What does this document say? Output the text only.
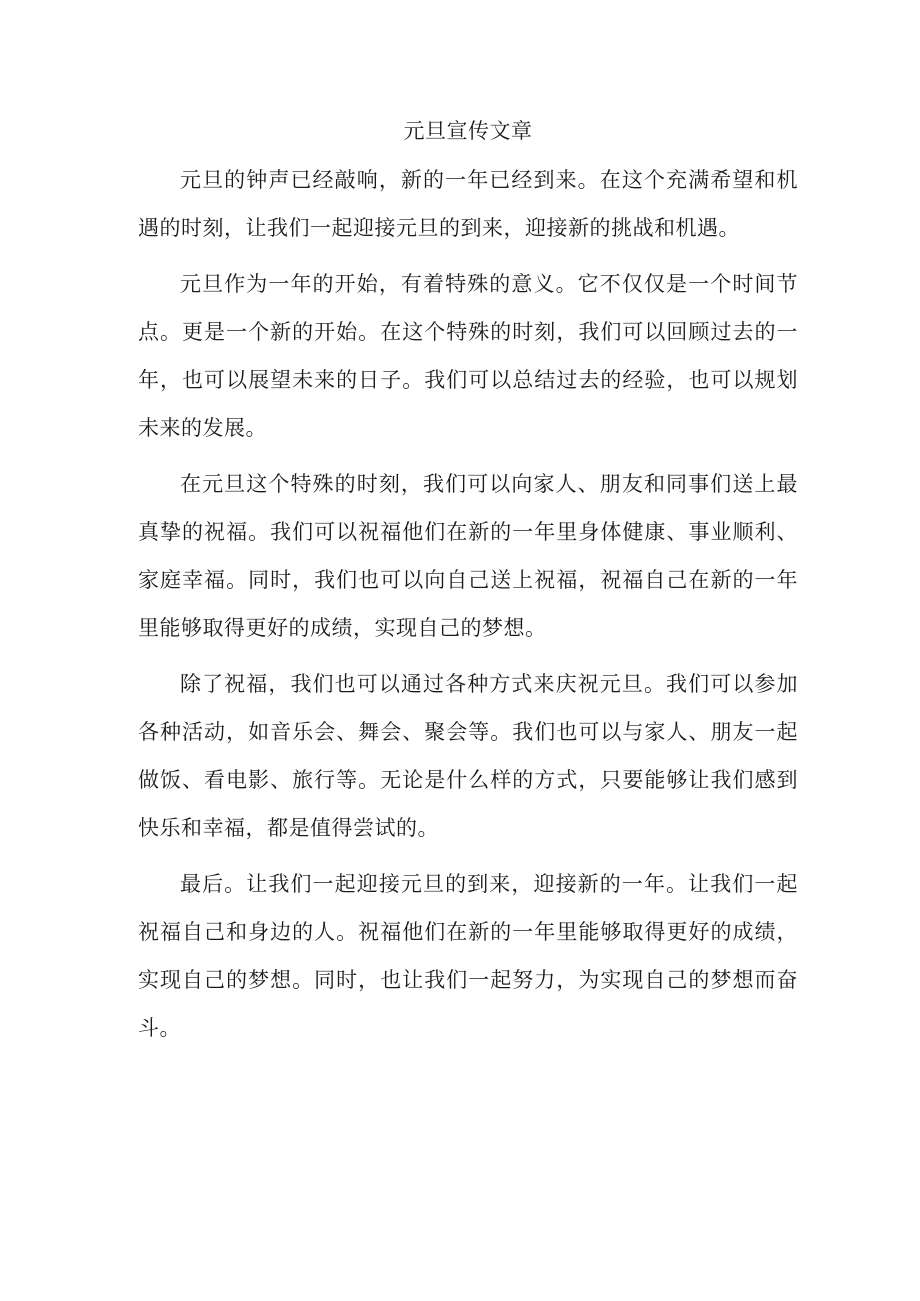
元旦宣传文章

元旦的钟声已经敲响，新的一年已经到来。在这个充满希望和机遇的时刻，让我们一起迎接元旦的到来，迎接新的挑战和机遇。

元旦作为一年的开始，有着特殊的意义。它不仅仅是一个时间节点。更是一个新的开始。在这个特殊的时刻，我们可以回顾过去的一年，也可以展望未来的日子。我们可以总结过去的经验，也可以规划未来的发展。

在元旦这个特殊的时刻，我们可以向家人、朋友和同事们送上最真挚的祝福。我们可以祝福他们在新的一年里身体健康、事业顺利、家庭幸福。同时，我们也可以向自己送上祝福，祝福自己在新的一年里能够取得更好的成绩，实现自己的梦想。

除了祝福，我们也可以通过各种方式来庆祝元旦。我们可以参加各种活动，如音乐会、舞会、聚会等。我们也可以与家人、朋友一起做饭、看电影、旅行等。无论是什么样的方式，只要能够让我们感到快乐和幸福，都是值得尝试的。

最后。让我们一起迎接元旦的到来，迎接新的一年。让我们一起祝福自己和身边的人。祝福他们在新的一年里能够取得更好的成绩，实现自己的梦想。同时，也让我们一起努力，为实现自己的梦想而奋斗。
